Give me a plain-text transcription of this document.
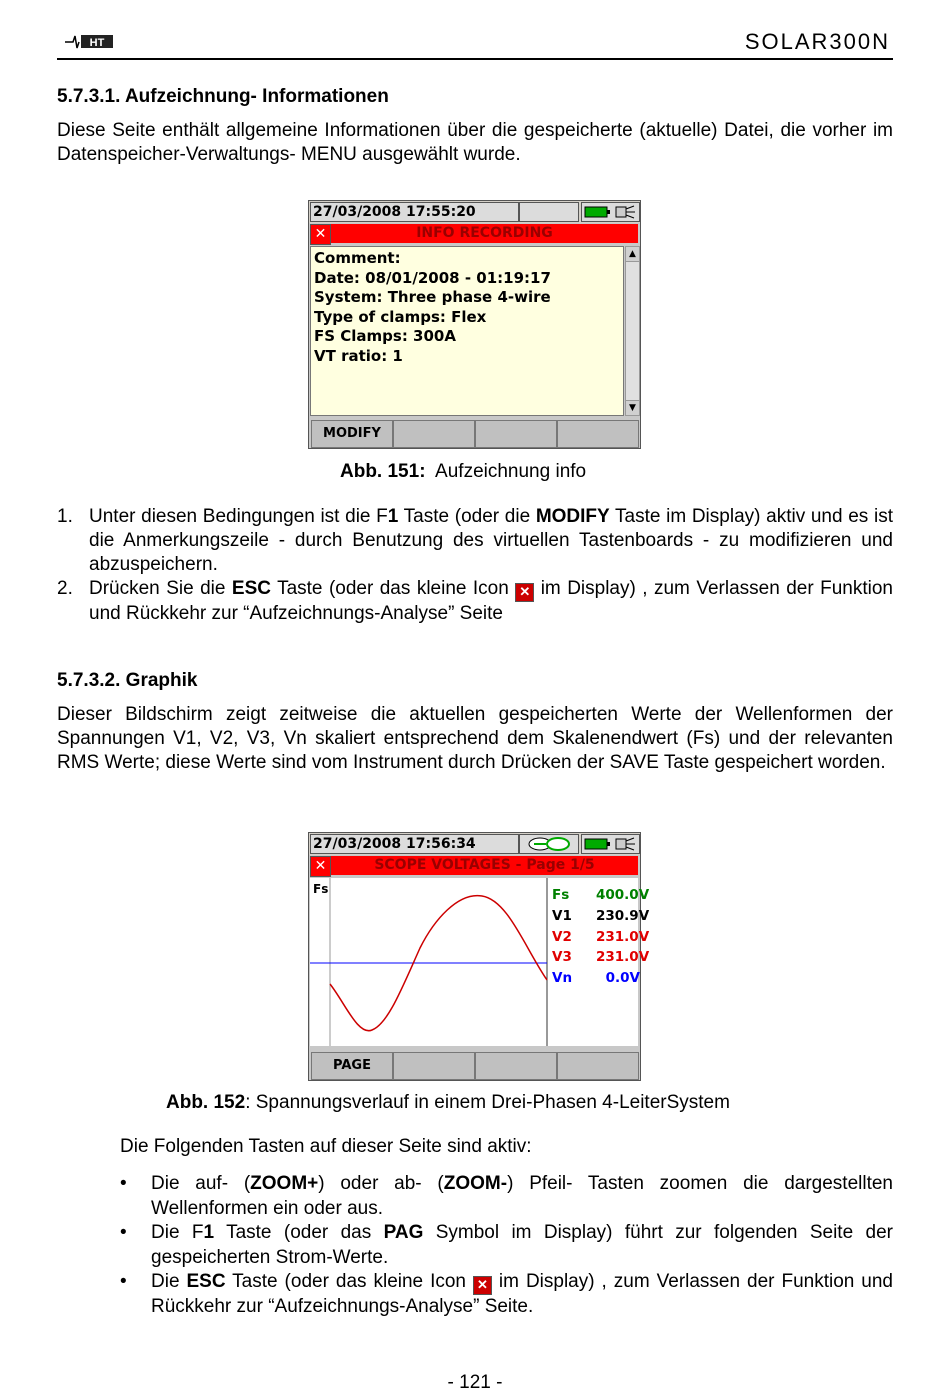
HT	SOLAR300N
5.7.3.1. Aufzeichnung- Informationen
Diese Seite enthält allgemeine Informationen über die gespeicherte (aktuelle) Datei, die vorher im Datenspeicher-Verwaltungs- MENU ausgewählt wurde.
27/03/2008 17:55:20
✕	INFO RECORDING
Comment:
Date: 08/01/2008 - 01:19:17
System: Three phase 4-wire
Type of clamps: Flex
FS Clamps: 300A
VT ratio: 1
▲
▼
MODIFY
Abb. 151: Aufzeichnung info
1. Unter diesen Bedingungen ist die F1 Taste (oder die MODIFY Taste im Display) aktiv und es ist die Anmerkungszeile - durch Benutzung des virtuellen Tastenboards - zu modifizieren und abzuspeichern.
2. Drücken Sie die ESC Taste (oder das kleine Icon ✕ im Display) , zum Verlassen der Funktion und Rückkehr zur “Aufzeichnungs-Analyse” Seite
5.7.3.2. Graphik
Dieser Bildschirm zeigt zeitweise die aktuellen gespeicherten Werte der Wellenformen der Spannungen V1, V2, V3, Vn skaliert entsprechend dem Skalenendwert (Fs) und der relevanten RMS Werte; diese Werte sind vom Instrument durch Drücken der SAVE Taste gespeichert worden.
27/03/2008 17:56:34
✕	SCOPE VOLTAGES - Page 1/5
Fs	Fs 400.0V
V1 230.9V
V2 231.0V
V3 231.0V
Vn 0.0V
PAGE
Abb. 152: Spannungsverlauf in einem Drei-Phasen 4-LeiterSystem
Die Folgenden Tasten auf dieser Seite sind aktiv:
• Die auf- (ZOOM+) oder ab- (ZOOM-) Pfeil- Tasten zoomen die dargestellten Wellenformen ein oder aus.
• Die F1 Taste (oder das PAG Symbol im Display) führt zur folgenden Seite der gespeicherten Strom-Werte.
• Die ESC Taste (oder das kleine Icon ✕ im Display) , zum Verlassen der Funktion und Rückkehr zur “Aufzeichnungs-Analyse” Seite.
- 121 -
